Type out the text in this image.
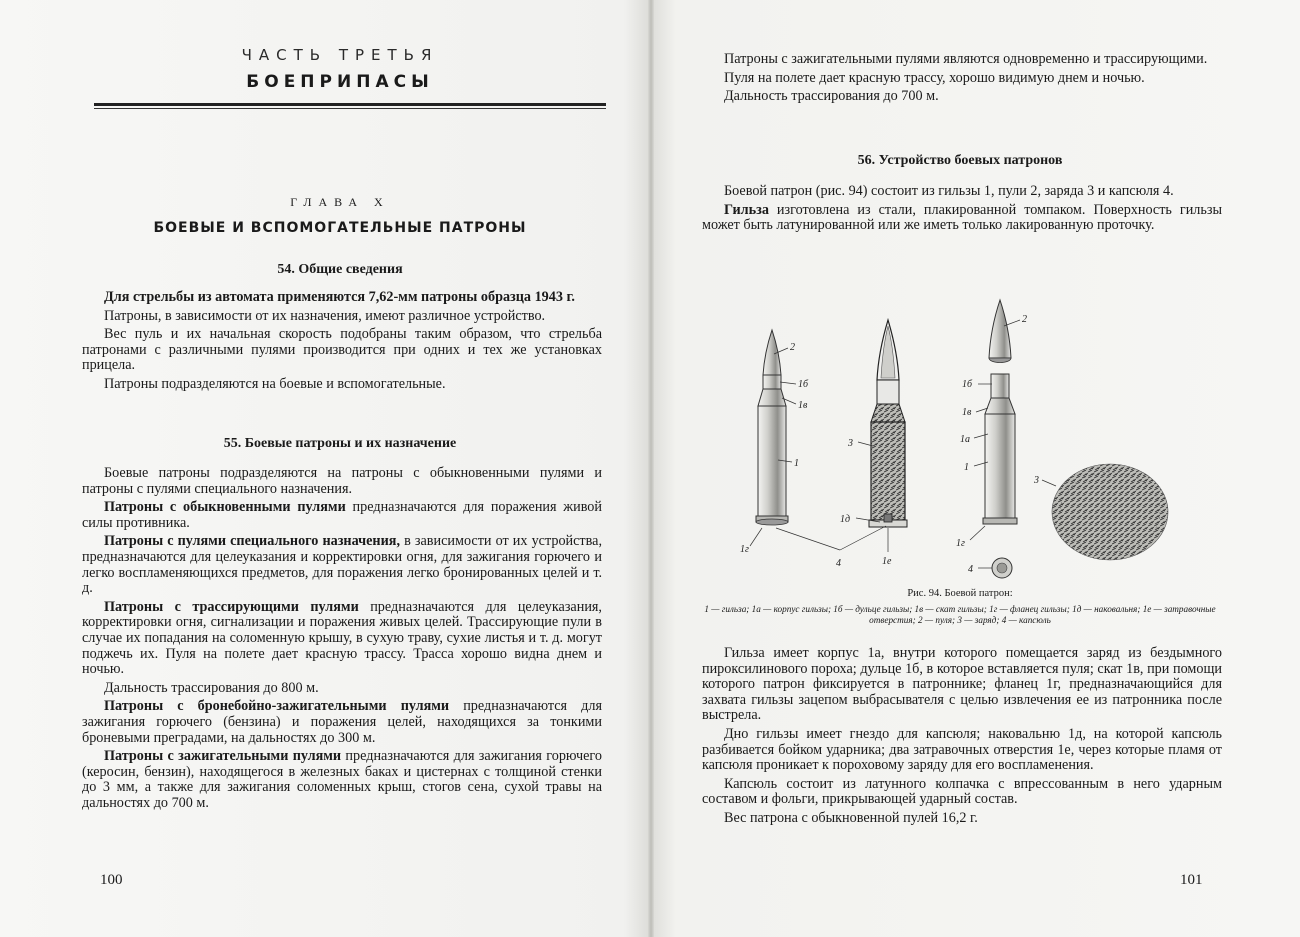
ЧАСТЬ ТРЕТЬЯ
БОЕПРИПАСЫ
ГЛАВА X
БОЕВЫЕ И ВСПОМОГАТЕЛЬНЫЕ ПАТРОНЫ
54. Общие сведения

Для стрельбы из автомата применяются 7,62-мм патроны образца 1943 г.

Патроны, в зависимости от их назначения, имеют различное устройство.

Вес пуль и их начальная скорость подобраны таким образом, что стрельба патронами с различными пулями производится при одних и тех же установках прицела.

Патроны подразделяются на боевые и вспомогательные.

55. Боевые патроны и их назначение

Боевые патроны подразделяются на патроны с обыкновенными пулями и патроны с пулями специального назначения.

Патроны с обыкновенными пулями предназначаются для поражения живой силы противника.

Патроны с пулями специального назначения, в зависимости от их устройства, предназначаются для целеуказания и корректировки огня, для зажигания горючего и легко воспламеняющихся предметов, для поражения легко бронированных целей и т. д.

Патроны с трассирующими пулями предназначаются для целеуказания, корректировки огня, сигнализации и поражения живых целей. Трассирующие пули в случае их попадания на соломенную крышу, в сухую траву, сухие листья и т. д. могут поджечь их. Пуля на полете дает красную трассу. Трасса хорошо видна днем и ночью.

Дальность трассирования до 800 м.

Патроны с бронебойно-зажигательными пулями предназначаются для зажигания горючего (бензина) и поражения целей, находящихся за тонкими броневыми преградами, на дальностях до 300 м.

Патроны с зажигательными пулями предназначаются для зажигания горючего (керосин, бензин), находящегося в железных баках и цистернах с толщиной стенки до 3 мм, а также для зажигания соломенных крыш, стогов сена, сухой травы на дальностях до 700 м.

100

Патроны с зажигательными пулями являются одновременно и трассирующими.

Пуля на полете дает красную трассу, хорошо видимую днем и ночью.

Дальность трассирования до 700 м.

56. Устройство боевых патронов

Боевой патрон (рис. 94) состоит из гильзы 1, пули 2, заряда 3 и капсюля 4.

Гильза изготовлена из стали, плакированной томпаком. Поверхность гильзы может быть латунированной или же иметь только лакированную проточку.

2
1б
1в
1
1г
3
1д
1е
4
2
1б
1в
1а
1
3
1г
4
Рис. 94. Боевой патрон:
1 — гильза; 1а — корпус гильзы; 1б — дульце гильзы; 1в — скат гильзы; 1г — фланец гильзы; 1д — наковальня; 1е — затравочные отверстия; 2 — пуля; 3 — заряд; 4 — капсюль

Гильза имеет корпус 1а, внутри которого помещается заряд из бездымного пироксилинового пороха; дульце 1б, в которое вставляется пуля; скат 1в, при помощи которого патрон фиксируется в патроннике; фланец 1г, предназначающийся для захвата гильзы зацепом выбрасывателя с целью извлечения ее из патронника после выстрела.

Дно гильзы имеет гнездо для капсюля; наковальню 1д, на которой капсюль разбивается бойком ударника; два затравочных отверстия 1е, через которые пламя от капсюля проникает к пороховому заряду для его воспламенения.

Капсюль состоит из латунного колпачка с впрессованным в него ударным составом и фольги, прикрывающей ударный состав.

Вес патрона с обыкновенной пулей 16,2 г.

101
